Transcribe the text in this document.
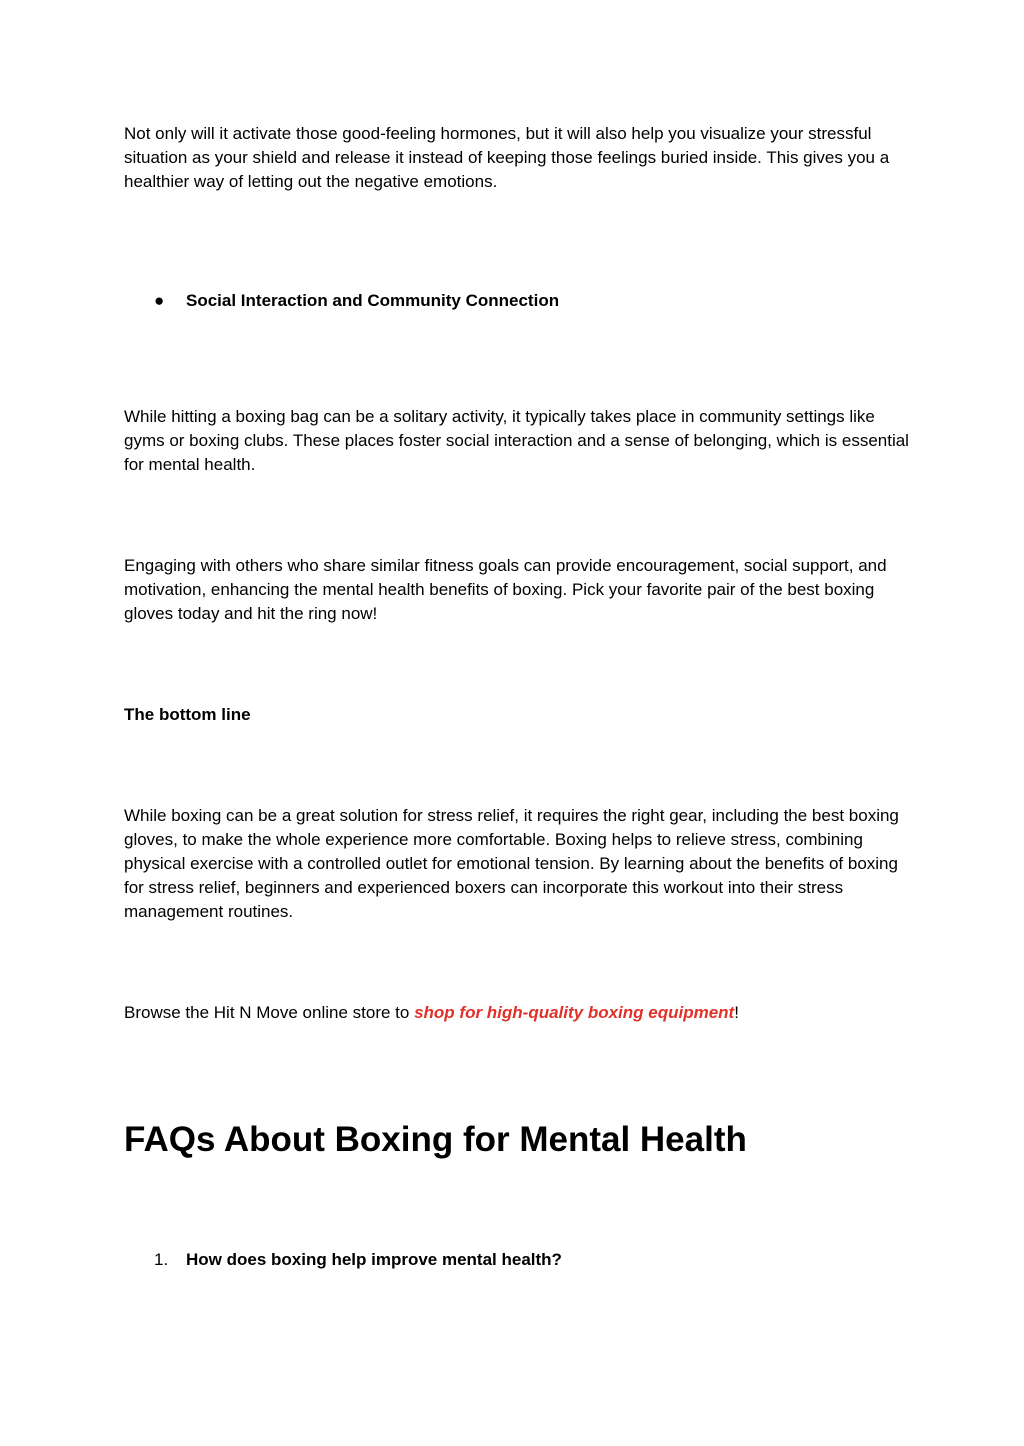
Not only will it activate those good-feeling hormones, but it will also help you visualize your stressful situation as your shield and release it instead of keeping those feelings buried inside. This gives you a healthier way of letting out the negative emotions.

●	Social Interaction and Community Connection

While hitting a boxing bag can be a solitary activity, it typically takes place in community settings like gyms or boxing clubs. These places foster social interaction and a sense of belonging, which is essential for mental health.

Engaging with others who share similar fitness goals can provide encouragement, social support, and motivation, enhancing the mental health benefits of boxing. Pick your favorite pair of the best boxing gloves today and hit the ring now!

The bottom line

While boxing can be a great solution for stress relief, it requires the right gear, including the best boxing gloves, to make the whole experience more comfortable. Boxing helps to relieve stress, combining physical exercise with a controlled outlet for emotional tension. By learning about the benefits of boxing for stress relief, beginners and experienced boxers can incorporate this workout into their stress management routines.

Browse the Hit N Move online store to shop for high-quality boxing equipment!

FAQs About Boxing for Mental Health
1.	How does boxing help improve mental health?
